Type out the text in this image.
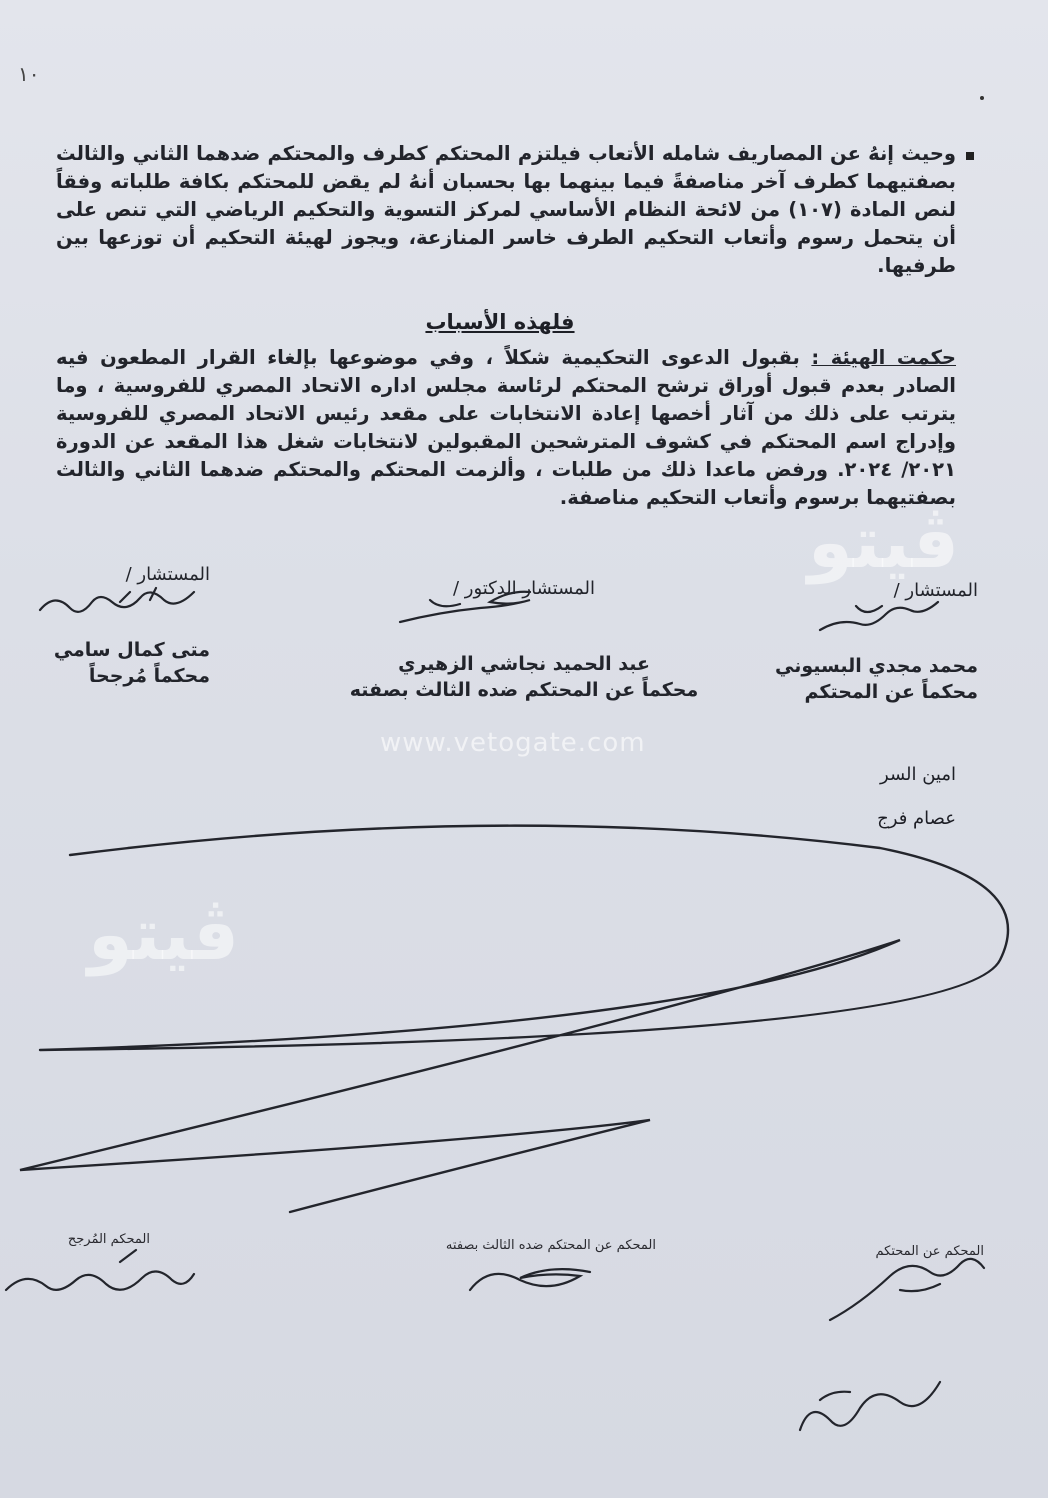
١٠
وحيث إنهُ عن المصاريف شامله الأتعاب فيلتزم المحتكم كطرف والمحتكم ضدهما الثاني والثالث بصفتيهما كطرف آخر مناصفةً فيما بينهما بها بحسبان أنهُ لم يقض للمحتكم بكافة طلباته وفقاً لنص المادة (١٠٧) من لائحة النظام الأساسي لمركز التسوية والتحكيم الرياضي التي تنص على أن يتحمل رسوم وأتعاب التحكيم الطرف خاسر المنازعة، ويجوز لهيئة التحكيم أن توزعها بين طرفيها.
فلهذه الأسباب
حكمت الهيئة : بقبول الدعوى التحكيمية شكلاً ، وفي موضوعها بإلغاء القرار المطعون فيه الصادر بعدم قبول أوراق ترشح المحتكم لرئاسة مجلس اداره الاتحاد المصري للفروسية ، وما يترتب على ذلك من آثار أخصها إعادة الانتخابات على مقعد رئيس الاتحاد المصري للفروسية وإدراج اسم المحتكم في كشوف المترشحين المقبولين لانتخابات شغل هذا المقعد عن الدورة ٢٠٢١/ ٢٠٢٤. ورفض ماعدا ذلك من طلبات ، وألزمت المحتكم والمحتكم ضدهما الثاني والثالث بصفتيهما برسوم وأتعاب التحكيم مناصفة.
ڤيتو
المستشار /
متى كمال سامي
محكماً مُرجحاً
المستشار الدكتور /
عبد الحميد نجاشي الزهيري
محكماً عن المحتكم ضده الثالث بصفته
المستشار /
محمد مجدي البسيوني
محكماً عن المحتكم
www.vetogate.com
امين السر
عصام فرج
ڤيتو
المحكم عن المحتكم
المحكم عن المحتكم ضده الثالث بصفته
المحكم المُرجح
